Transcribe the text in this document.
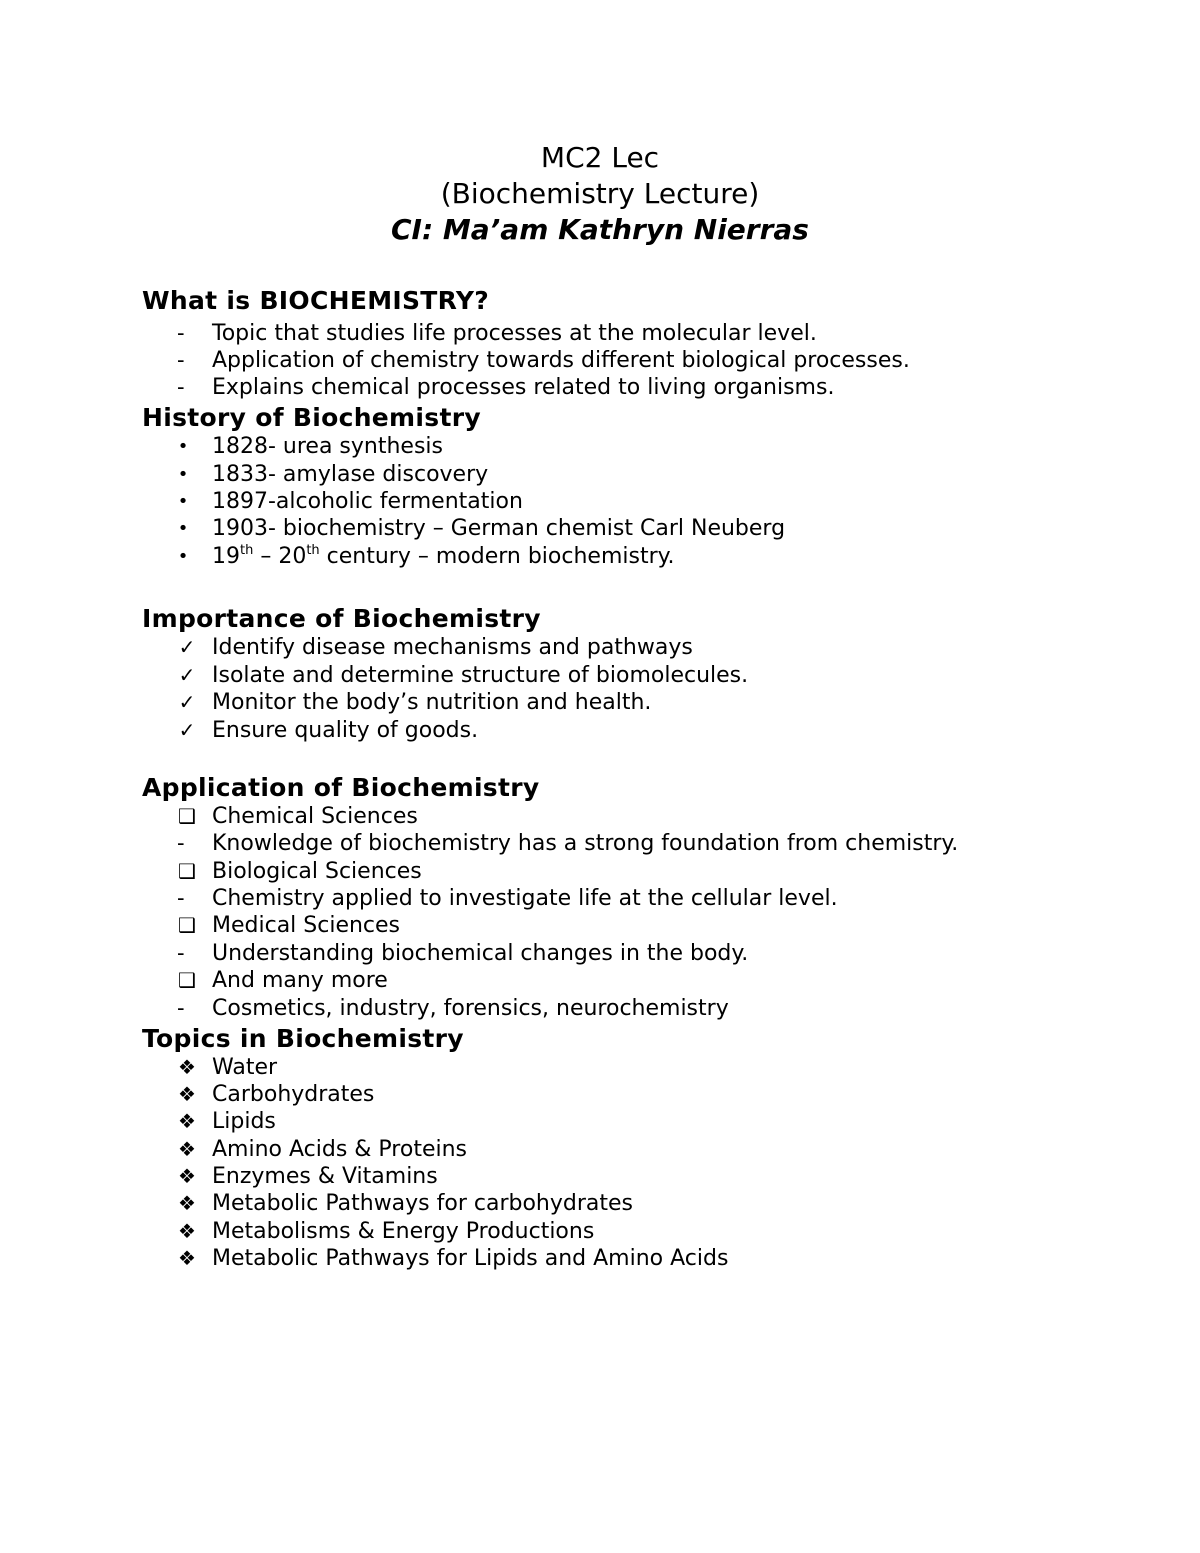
MC2 Lec
(Biochemistry Lecture)
CI: Ma’am Kathryn Nierras
What is BIOCHEMISTRY?
-	Topic that studies life processes at the molecular level.
-	Application of chemistry towards different biological processes.
-	Explains chemical processes related to living organisms.
History of Biochemistry
•	1828- urea synthesis
•	1833- amylase discovery
•	1897-alcoholic fermentation
•	1903- biochemistry – German chemist Carl Neuberg
•	19th – 20th century – modern biochemistry.
Importance of Biochemistry
✓ Identify disease mechanisms and pathways
✓ Isolate and determine structure of biomolecules.
✓ Monitor the body’s nutrition and health.
✓ Ensure quality of goods.
Application of Biochemistry
❑ Chemical Sciences
-	Knowledge of biochemistry has a strong foundation from chemistry.
❑ Biological Sciences
-	Chemistry applied to investigate life at the cellular level.
❑ Medical Sciences
-	Understanding biochemical changes in the body.
❑ And many more
-	Cosmetics, industry, forensics, neurochemistry
Topics in Biochemistry
❖ Water
❖ Carbohydrates
❖ Lipids
❖ Amino Acids & Proteins
❖ Enzymes & Vitamins
❖ Metabolic Pathways for carbohydrates
❖ Metabolisms & Energy Productions
❖ Metabolic Pathways for Lipids and Amino Acids
